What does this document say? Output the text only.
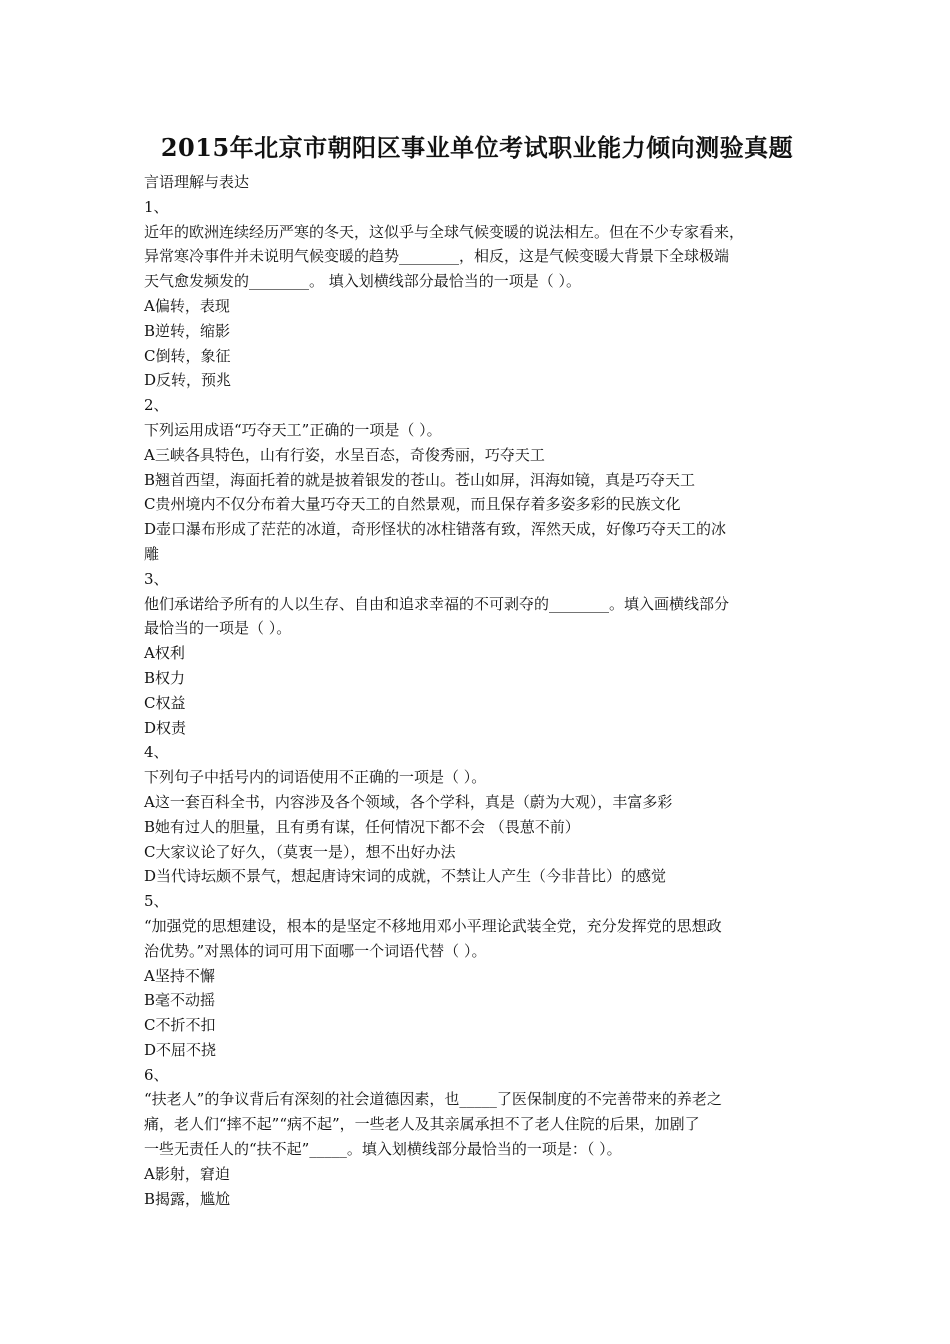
2015年北京市朝阳区事业单位考试职业能力倾向测验真题
言语理解与表达
1、
近年的欧洲连续经历严寒的冬天，这似乎与全球气候变暖的说法相左。但在不少专家看来，
异常寒冷事件并未说明气候变暖的趋势________，相反，这是气候变暖大背景下全球极端
天气愈发频发的________。 填入划横线部分最恰当的一项是（ ）。
A偏转，表现
B逆转，缩影
C倒转，象征
D反转，预兆
2、
下列运用成语“巧夺天工”正确的一项是（ ）。
A三峡各具特色，山有行姿，水呈百态，奇俊秀丽，巧夺天工
B翘首西望，海面托着的就是披着银发的苍山。苍山如屏，洱海如镜，真是巧夺天工
C贵州境内不仅分布着大量巧夺天工的自然景观，而且保存着多姿多彩的民族文化
D壶口瀑布形成了茫茫的冰道，奇形怪状的冰柱错落有致，浑然天成，好像巧夺天工的冰
雕
3、
他们承诺给予所有的人以生存、自由和追求幸福的不可剥夺的________。填入画横线部分
最恰当的一项是（ ）。
A权利
B权力
C权益
D权责
4、
下列句子中括号内的词语使用不正确的一项是（ ）。
A这一套百科全书，内容涉及各个领域，各个学科，真是（蔚为大观），丰富多彩
B她有过人的胆量，且有勇有谋，任何情况下都不会 （畏葸不前）
C大家议论了好久，（莫衷一是），想不出好办法
D当代诗坛颇不景气，想起唐诗宋词的成就，不禁让人产生（今非昔比）的感觉
5、
“加强党的思想建设，根本的是坚定不移地用邓小平理论武装全党，充分发挥党的思想政
治优势。”对黑体的词可用下面哪一个词语代替（ ）。
A坚持不懈
B毫不动摇
C不折不扣
D不屈不挠
6、
“扶老人”的争议背后有深刻的社会道德因素，也_____了医保制度的不完善带来的养老之
痛，老人们“摔不起”“病不起”，一些老人及其亲属承担不了老人住院的后果，加剧了
一些无责任人的“扶不起”_____。填入划横线部分最恰当的一项是：（ ）。
A影射，窘迫
B揭露，尴尬
